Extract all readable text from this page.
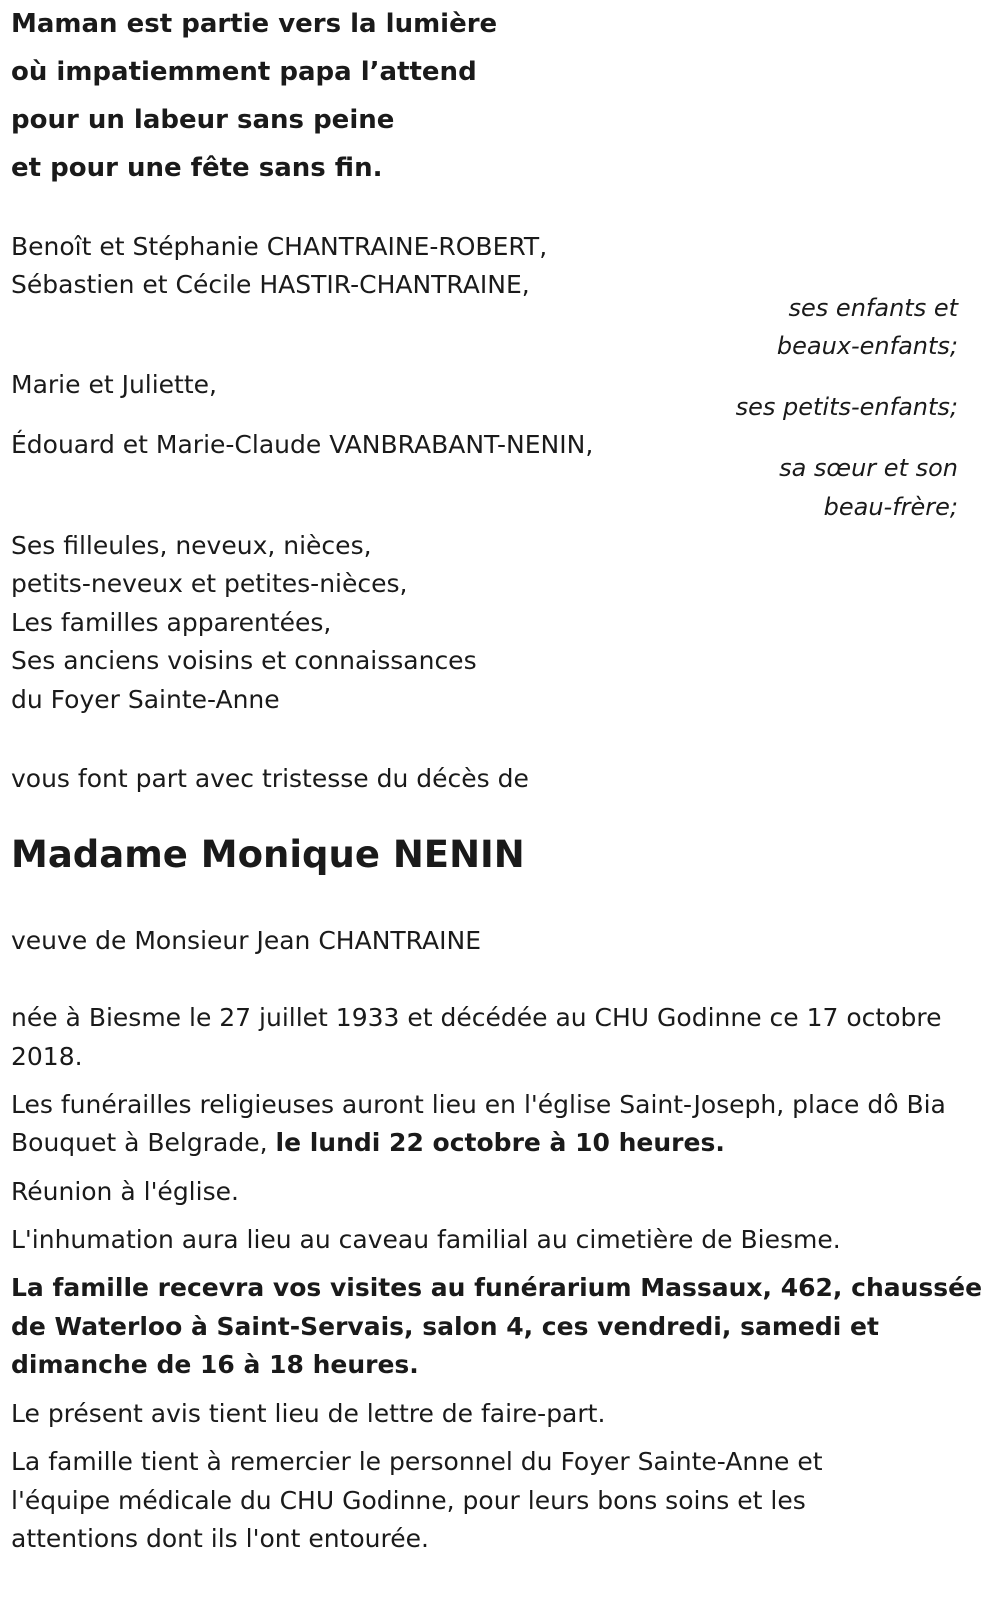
Maman est partie vers la lumière

où impatiemment papa l’attend

pour un labeur sans peine

et pour une fête sans fin.

Benoît et Stéphanie CHANTRAINE-ROBERT,

Sébastien et Cécile HASTIR-CHANTRAINE,

ses enfants et

beaux-enfants;

Marie et Juliette,

ses petits-enfants;

Édouard et Marie-Claude VANBRABANT-NENIN,

sa sœur et son

beau-frère;

Ses filleules, neveux, nièces,

petits-neveux et petites-nièces,

Les familles apparentées,

Ses anciens voisins et connaissances

du Foyer Sainte-Anne

vous font part avec tristesse du décès de

Madame Monique NENIN

veuve de Monsieur Jean CHANTRAINE

née à Biesme le 27 juillet 1933 et décédée au CHU Godinne ce 17 octobre

2018.

Les funérailles religieuses auront lieu en l'église Saint-Joseph, place dô Bia

Bouquet à Belgrade, le lundi 22 octobre à 10 heures.

Réunion à l'église.

L'inhumation aura lieu au caveau familial au cimetière de Biesme.

La famille recevra vos visites au funérarium Massaux, 462, chaussée

de Waterloo à Saint-Servais, salon 4, ces vendredi, samedi et

dimanche de 16 à 18 heures.

Le présent avis tient lieu de lettre de faire-part.

La famille tient à remercier le personnel du Foyer Sainte-Anne et

l'équipe médicale du CHU Godinne, pour leurs bons soins et les

attentions dont ils l'ont entourée.
